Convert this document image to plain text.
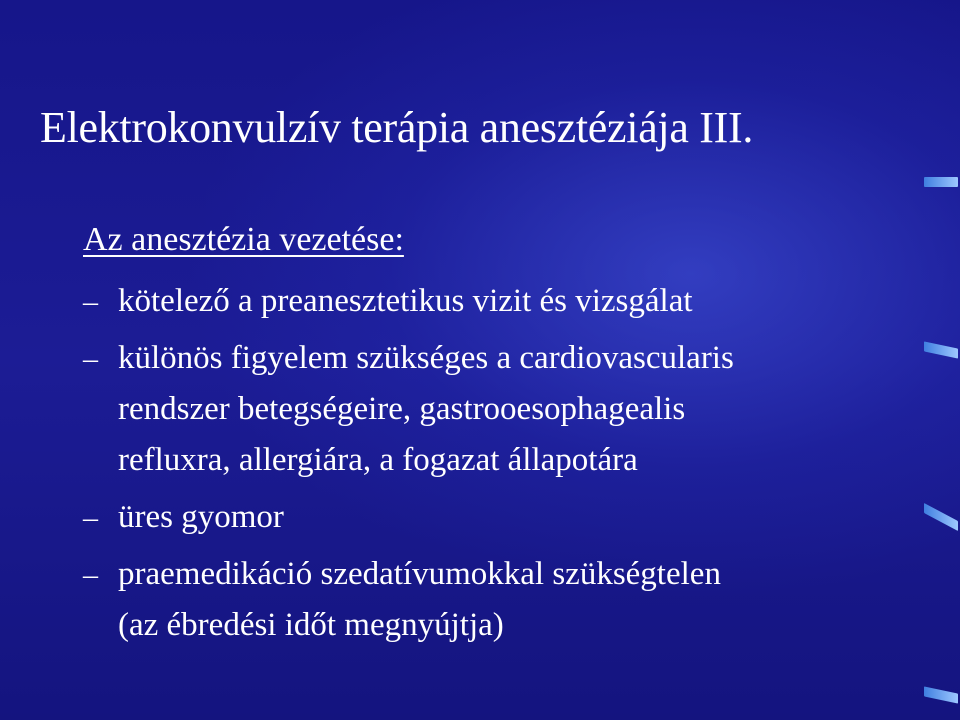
Elektrokonvulzív terápia anesztéziája III.
Az anesztézia vezetése:
– kötelező a preanesztetikus vizit és vizsgálat
– különös figyelem szükséges a cardiovascularis
rendszer betegségeire, gastrooesophagealis
refluxra, allergiára, a fogazat állapotára
– üres gyomor
– praemedikáció szedatívumokkal szükségtelen
(az ébredési időt megnyújtja)
